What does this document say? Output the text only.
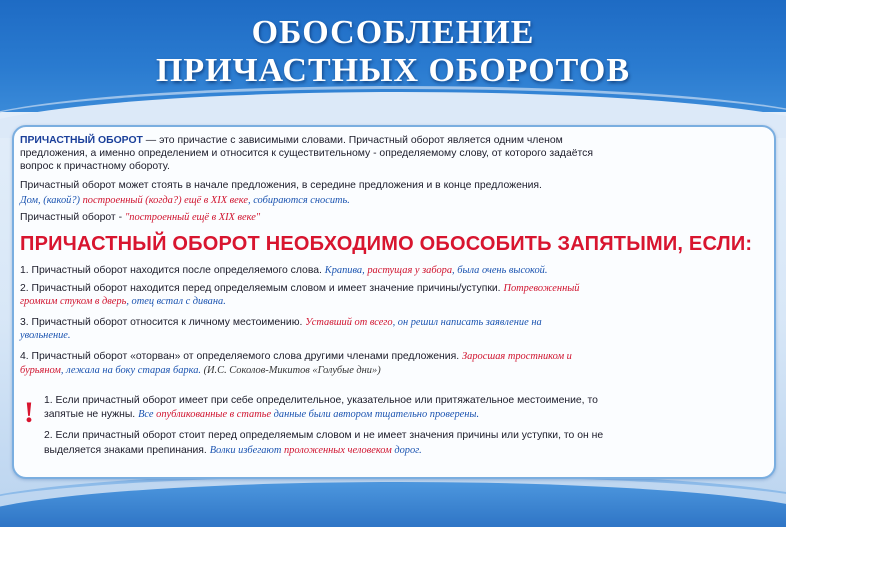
ОБОСОБЛЕНИЕ
ПРИЧАСТНЫХ ОБОРОТОВ
ПРИЧАСТНЫЙ ОБОРОТ — это причастие с зависимыми словами. Причастный оборот является одним членом
предложения, а именно определением и относится к существительному - определяемому слову, от которого задаётся
вопрос к причастному обороту.
Причастный оборот может стоять в начале предложения, в середине предложения и в конце предложения.
Дом, (какой?) построенный (когда?) ещё в XIX веке, собираются сносить.
Причастный оборот - "построенный ещё в XIX веке"
ПРИЧАСТНЫЙ ОБОРОТ НЕОБХОДИМО ОБОСОБИТЬ ЗАПЯТЫМИ, ЕСЛИ:
1. Причастный оборот находится после определяемого слова. Крапива, растущая у забора, была очень высокой.
2. Причастный оборот находится перед определяемым словом и имеет значение причины/уступки. Потревоженный
громким стуком в дверь, отец встал с дивана.
3. Причастный оборот относится к личному местоимению. Уставший от всего, он решил написать заявление на
увольнение.
4. Причастный оборот «оторван» от определяемого слова другими членами предложения. Заросшая тростником и
бурьяном, лежала на боку старая барка. (И.С. Соколов-Микитов «Голубые дни»)
! 1. Если причастный оборот имеет при себе определительное, указательное или притяжательное местоимение, то
запятые не нужны. Все опубликованные в статье данные были автором тщательно проверены.
2. Если причастный оборот стоит перед определяемым словом и не имеет значения причины или уступки, то он не
выделяется знаками препинания. Волки избегают проложенных человеком дорог.
